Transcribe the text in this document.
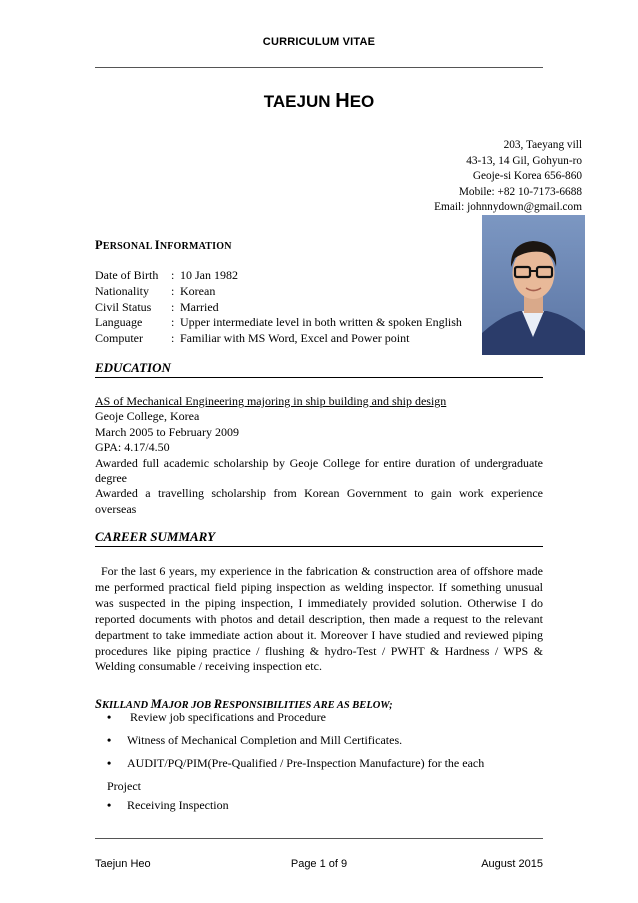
CURRICULUM VITAE
TAEJUN HEO
203, Taeyang vill
43-13, 14 Gil, Gohyun-ro
Geoje-si Korea 656-860
Mobile: +82 10-7173-6688
Email: johnnydown@gmail.com
PERSONAL INFORMATION
Date of Birth : 10 Jan 1982
Nationality : Korean
Civil Status : Married
Language : Upper intermediate level in both written & spoken English
Computer : Familiar with MS Word, Excel and Power point
EDUCATION
AS of Mechanical Engineering majoring in ship building and ship design
Geoje College, Korea
March 2005 to February 2009
GPA: 4.17/4.50
Awarded full academic scholarship by Geoje College for entire duration of undergraduate degree
Awarded a travelling scholarship from Korean Government to gain work experience overseas
CAREER SUMMARY
For the last 6 years, my experience in the fabrication & construction area of offshore made me performed practical field piping inspection as welding inspector. If something unusual was suspected in the piping inspection, I immediately provided solution. Otherwise I do reported documents with photos and detail description, then made a request to the relevant department to take immediate action about it. Moreover I have studied and reviewed piping procedures like piping practice / flushing & hydro-Test / PWHT & Hardness / WPS & Welding consumable / receiving inspection etc.
SKILLAND MAJOR JOB RESPONSIBILITIES ARE AS BELOW;
• Review job specifications and Procedure
• Witness of Mechanical Completion and Mill Certificates.
• AUDIT/PQ/PIM(Pre-Qualified / Pre-Inspection Manufacture) for the each
Project
• Receiving Inspection
Taejun Heo	Page 1 of 9	August 2015
